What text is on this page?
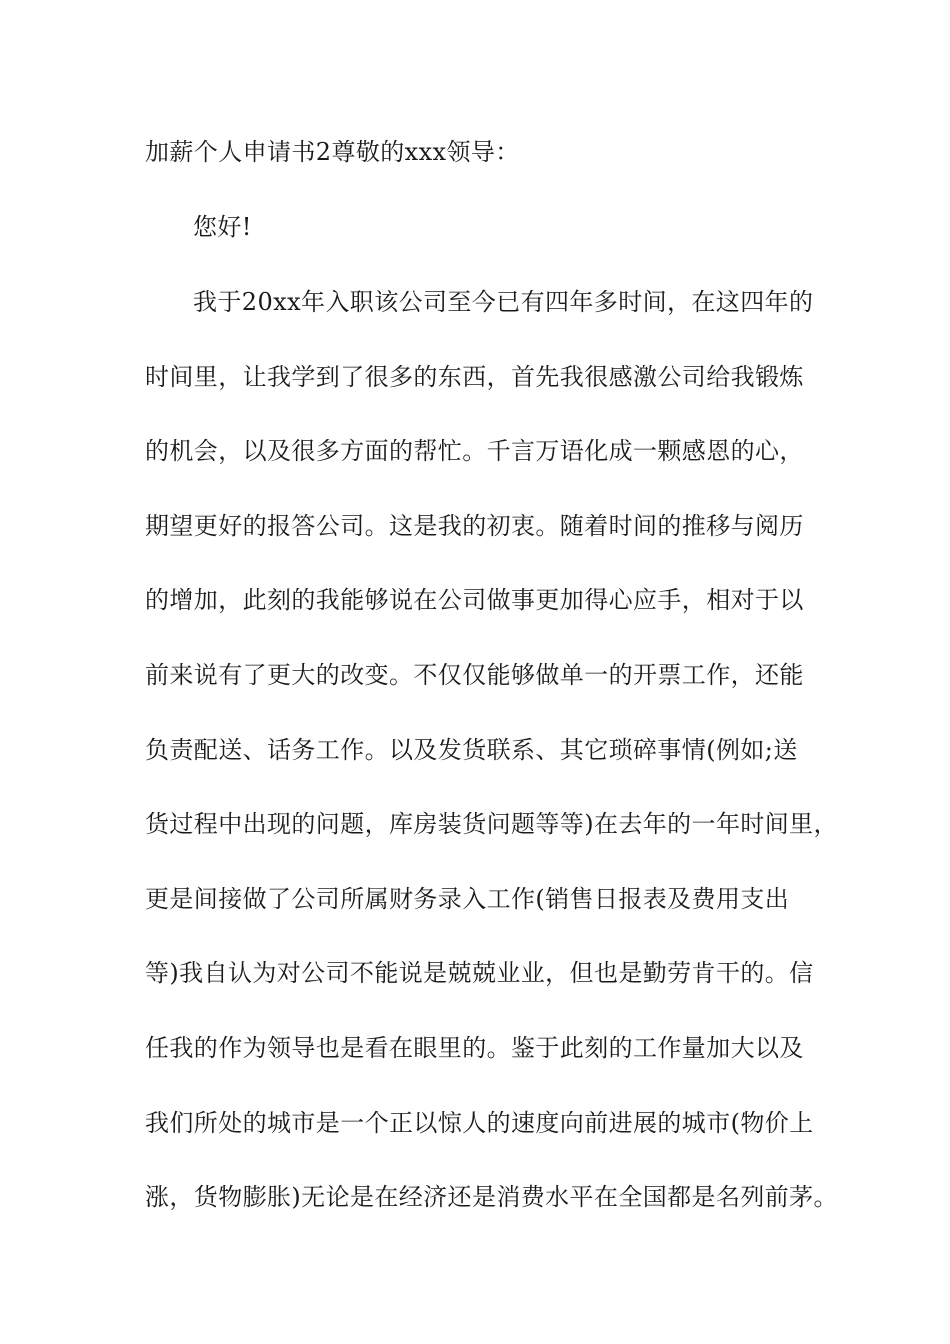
加薪个人申请书2尊敬的xxx领导：
您好!
我于20xx年入职该公司至今已有四年多时间，在这四年的
时间里，让我学到了很多的东西，首先我很感激公司给我锻炼
的机会，以及很多方面的帮忙。千言万语化成一颗感恩的心，
期望更好的报答公司。这是我的初衷。随着时间的推移与阅历
的增加，此刻的我能够说在公司做事更加得心应手，相对于以
前来说有了更大的改变。不仅仅能够做单一的开票工作，还能
负责配送、话务工作。以及发货联系、其它琐碎事情(例如;送
货过程中出现的问题，库房装货问题等等)在去年的一年时间里，
更是间接做了公司所属财务录入工作(销售日报表及费用支出
等)我自认为对公司不能说是兢兢业业，但也是勤劳肯干的。信
任我的作为领导也是看在眼里的。鉴于此刻的工作量加大以及
我们所处的城市是一个正以惊人的速度向前进展的城市(物价上
涨，货物膨胀)无论是在经济还是消费水平在全国都是名列前茅。
